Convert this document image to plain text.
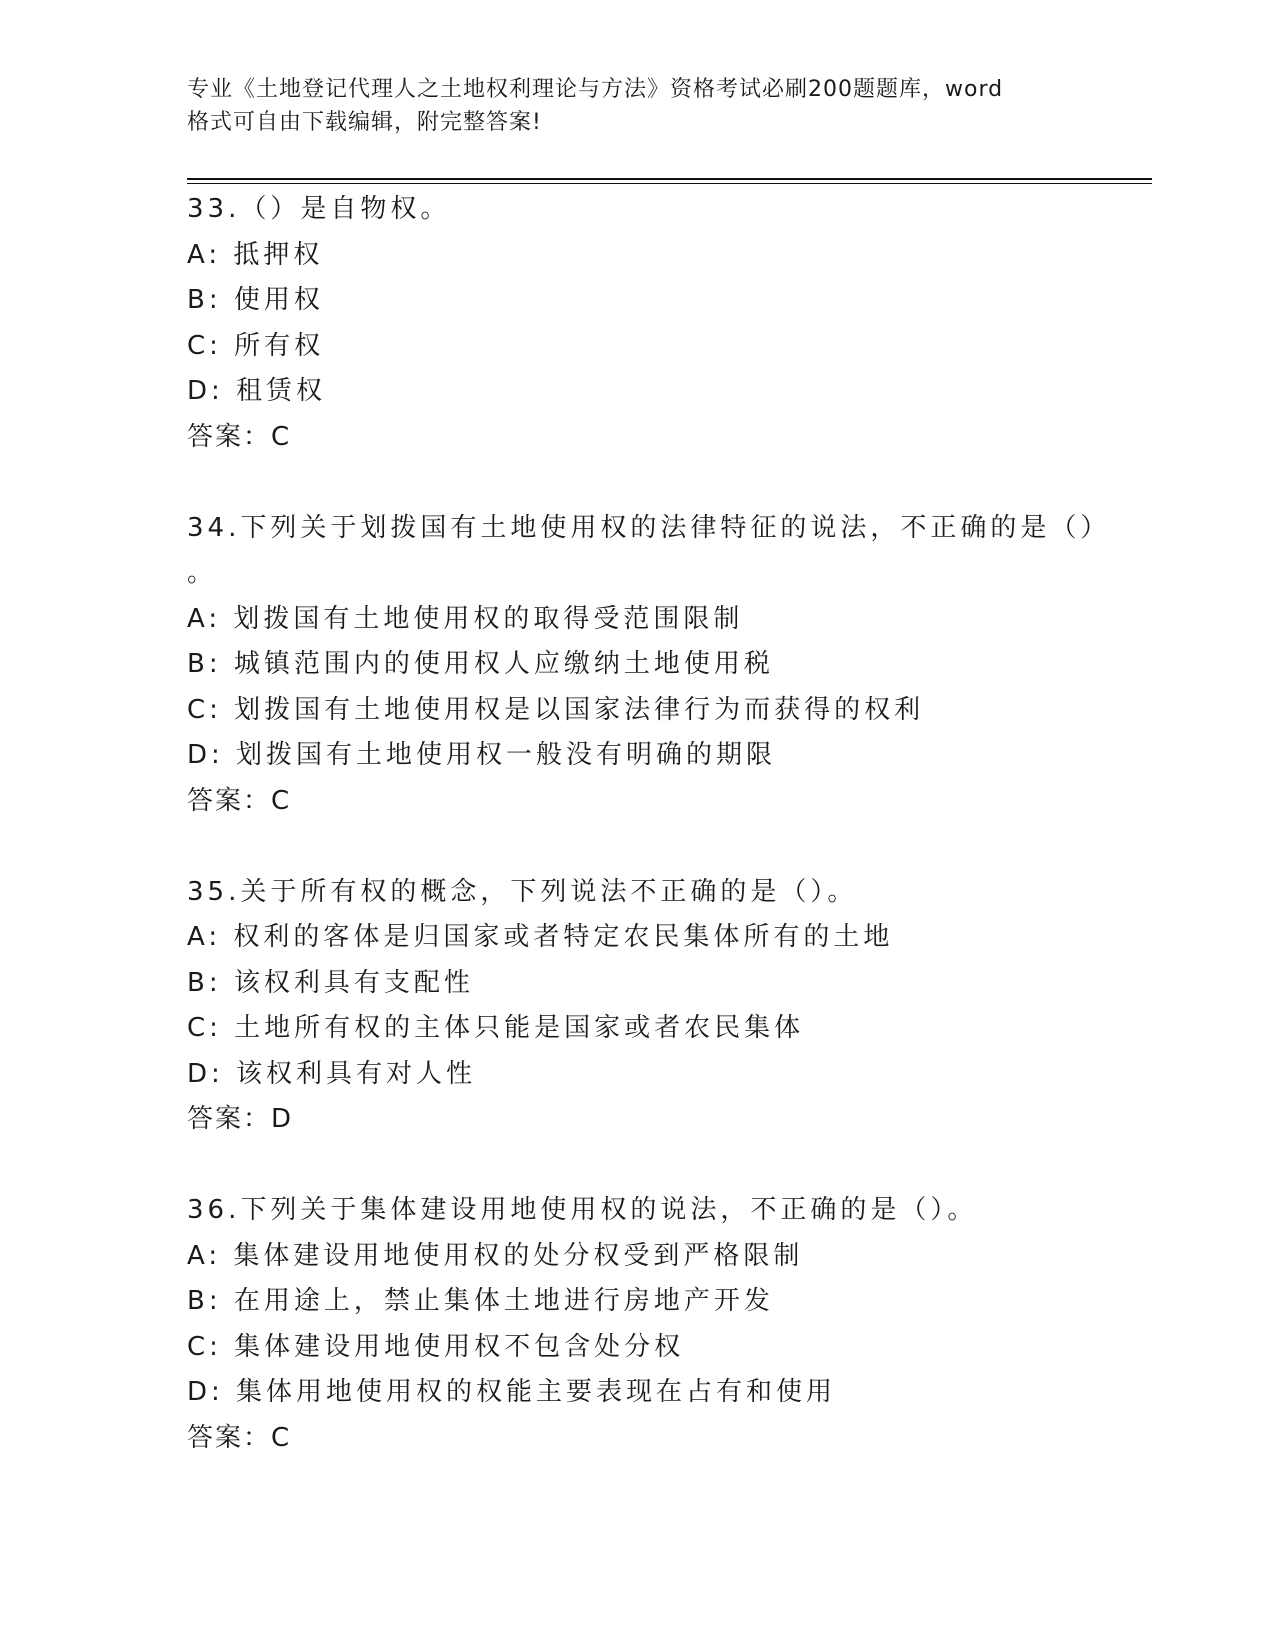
专业《土地登记代理人之土地权利理论与方法》资格考试必刷200题题库，word
格式可自由下载编辑，附完整答案!
33.（）是自物权。
A: 抵押权
B: 使用权
C: 所有权
D: 租赁权
答案：C
34.下列关于划拨国有土地使用权的法律特征的说法，不正确的是（）
。
A: 划拨国有土地使用权的取得受范围限制
B: 城镇范围内的使用权人应缴纳土地使用税
C: 划拨国有土地使用权是以国家法律行为而获得的权利
D: 划拨国有土地使用权一般没有明确的期限
答案：C
35.关于所有权的概念，下列说法不正确的是（）。
A: 权利的客体是归国家或者特定农民集体所有的土地
B: 该权利具有支配性
C: 土地所有权的主体只能是国家或者农民集体
D: 该权利具有对人性
答案：D
36.下列关于集体建设用地使用权的说法，不正确的是（）。
A: 集体建设用地使用权的处分权受到严格限制
B: 在用途上，禁止集体土地进行房地产开发
C: 集体建设用地使用权不包含处分权
D: 集体用地使用权的权能主要表现在占有和使用
答案：C
